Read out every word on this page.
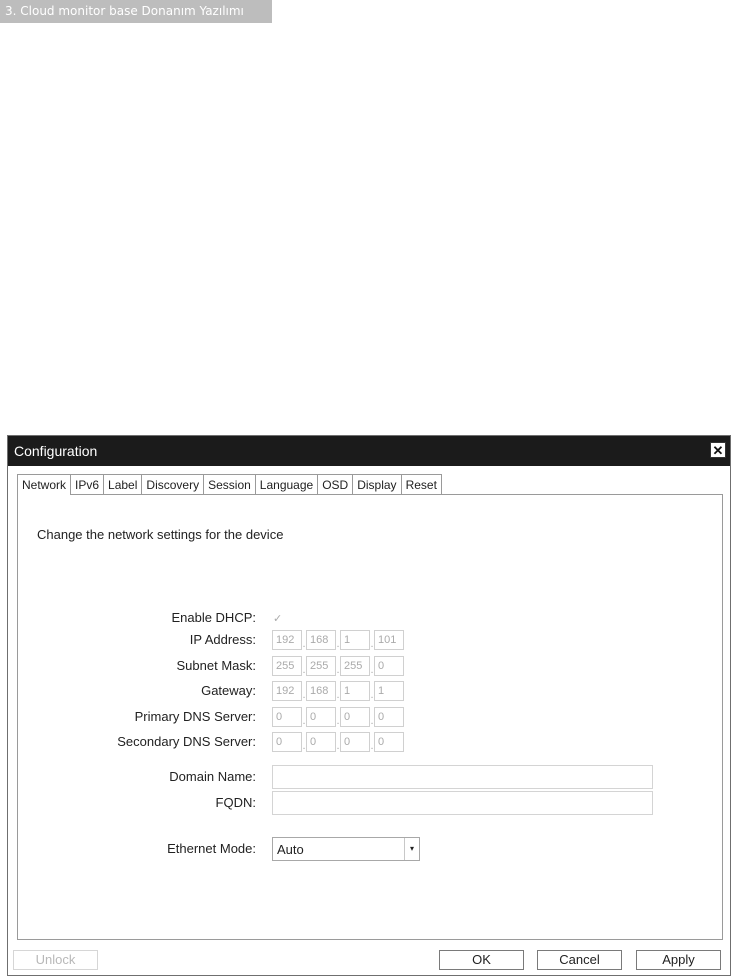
3. Cloud monitor base Donanım Yazılımı
Configuration	✕
Network IPv6 Label Discovery Session Language OSD Display Reset
Change the network settings for the device
Enable DHCP: ✓
IP Address:	192 . 168 . 1	. 101
Subnet Mask:	255 . 255 . 255 . 0
Gateway:	192 . 168 . 1	. 1
Primary DNS Server:	0	. 0	. 0	. 0
Secondary DNS Server:	0	. 0	. 0	. 0
Domain Name:
FQDN:
Ethernet Mode: Auto	▾
Unlock	OK	Cancel	Apply
